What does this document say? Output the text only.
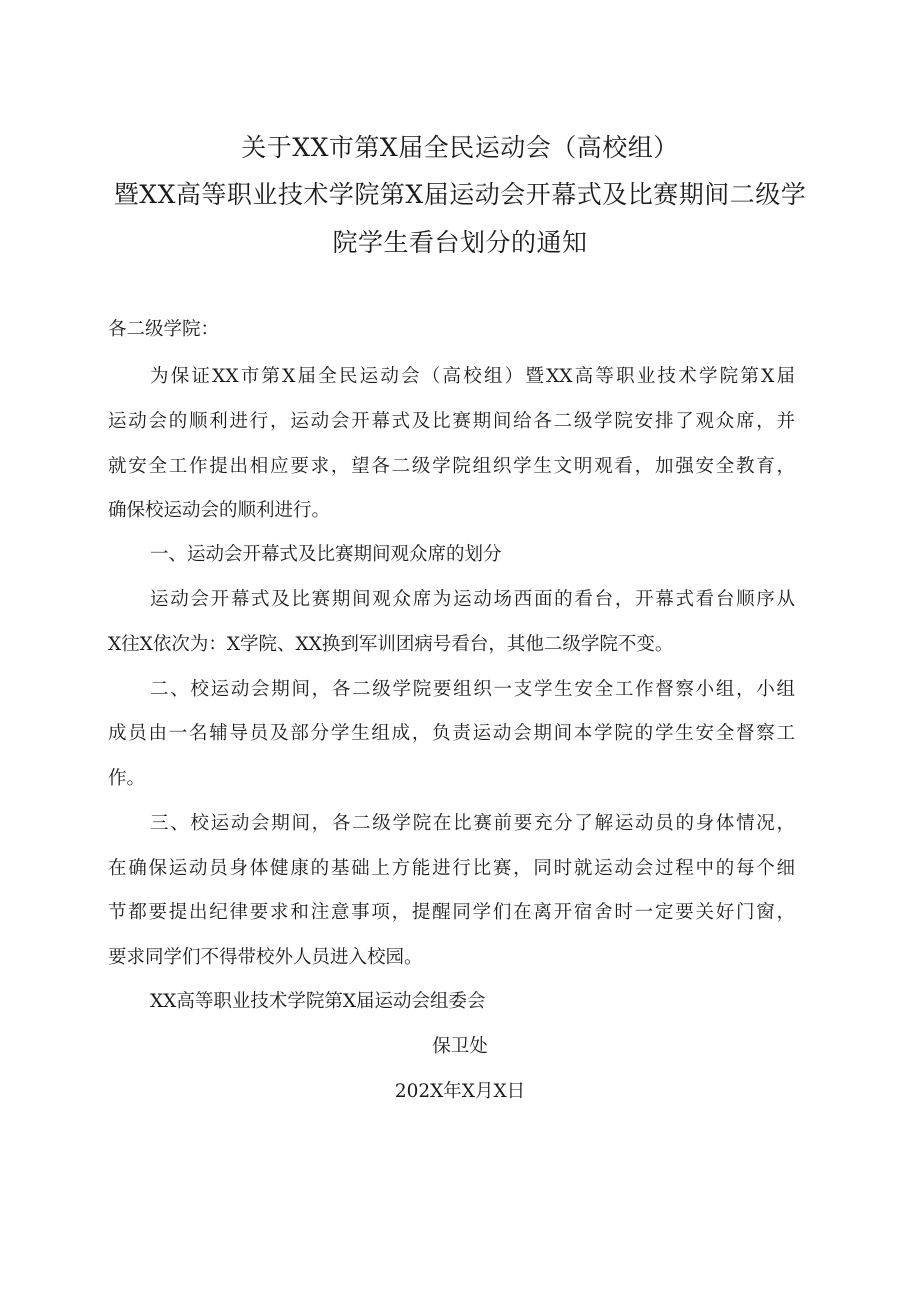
关于XX市第X届全民运动会（高校组）
暨XX高等职业技术学院第X届运动会开幕式及比赛期间二级学
院学生看台划分的通知
各二级学院：
为保证XX市第X届全民运动会（高校组）暨XX高等职业技术学院第X届
运动会的顺利进行，运动会开幕式及比赛期间给各二级学院安排了观众席，并
就安全工作提出相应要求，望各二级学院组织学生文明观看，加强安全教育，
确保校运动会的顺利进行。
一、运动会开幕式及比赛期间观众席的划分
运动会开幕式及比赛期间观众席为运动场西面的看台，开幕式看台顺序从
X往X依次为：X学院、XX换到军训团病号看台，其他二级学院不变。
二、校运动会期间，各二级学院要组织一支学生安全工作督察小组，小组
成员由一名辅导员及部分学生组成，负责运动会期间本学院的学生安全督察工
作。
三、校运动会期间，各二级学院在比赛前要充分了解运动员的身体情况，
在确保运动员身体健康的基础上方能进行比赛，同时就运动会过程中的每个细
节都要提出纪律要求和注意事项，提醒同学们在离开宿舍时一定要关好门窗，
要求同学们不得带校外人员进入校园。
XX高等职业技术学院第X届运动会组委会
保卫处
202X年X月X日
